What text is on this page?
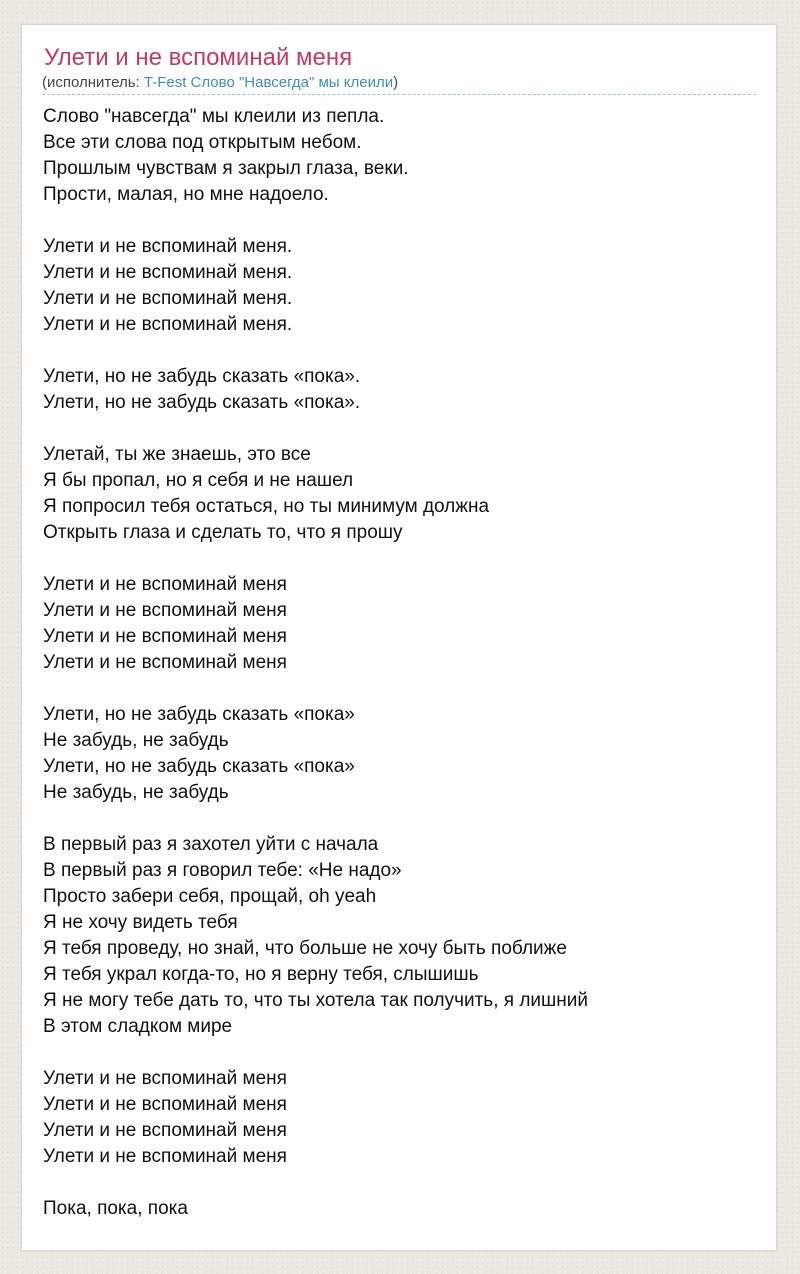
Улети и не вспоминай меня
(исполнитель: T-Fest Слово "Навсегда" мы клеили)
Слово "навсегда" мы клеили из пепла.
Все эти слова под открытым небом.
Прошлым чувствам я закрыл глаза, веки.
Прости, малая, но мне надоело.
Улети и не вспоминай меня.
Улети и не вспоминай меня.
Улети и не вспоминай меня.
Улети и не вспоминай меня.
Улети, но не забудь сказать «пока».
Улети, но не забудь сказать «пока».
Улетай, ты же знаешь, это все
Я бы пропал, но я себя и не нашел
Я попросил тебя остаться, но ты минимум должна
Открыть глаза и сделать то, что я прошу
Улети и не вспоминай меня
Улети и не вспоминай меня
Улети и не вспоминай меня
Улети и не вспоминай меня
Улети, но не забудь сказать «пока»
Не забудь, не забудь
Улети, но не забудь сказать «пока»
Не забудь, не забудь
В первый раз я захотел уйти с начала
В первый раз я говорил тебе: «Не надо»
Просто забери себя, прощай, oh yeah
Я не хочу видеть тебя
Я тебя проведу, но знай, что больше не хочу быть поближе
Я тебя украл когда-то, но я верну тебя, слышишь
Я не могу тебе дать то, что ты хотела так получить, я лишний
В этом сладком мире
Улети и не вспоминай меня
Улети и не вспоминай меня
Улети и не вспоминай меня
Улети и не вспоминай меня
Пока, пока, пока
